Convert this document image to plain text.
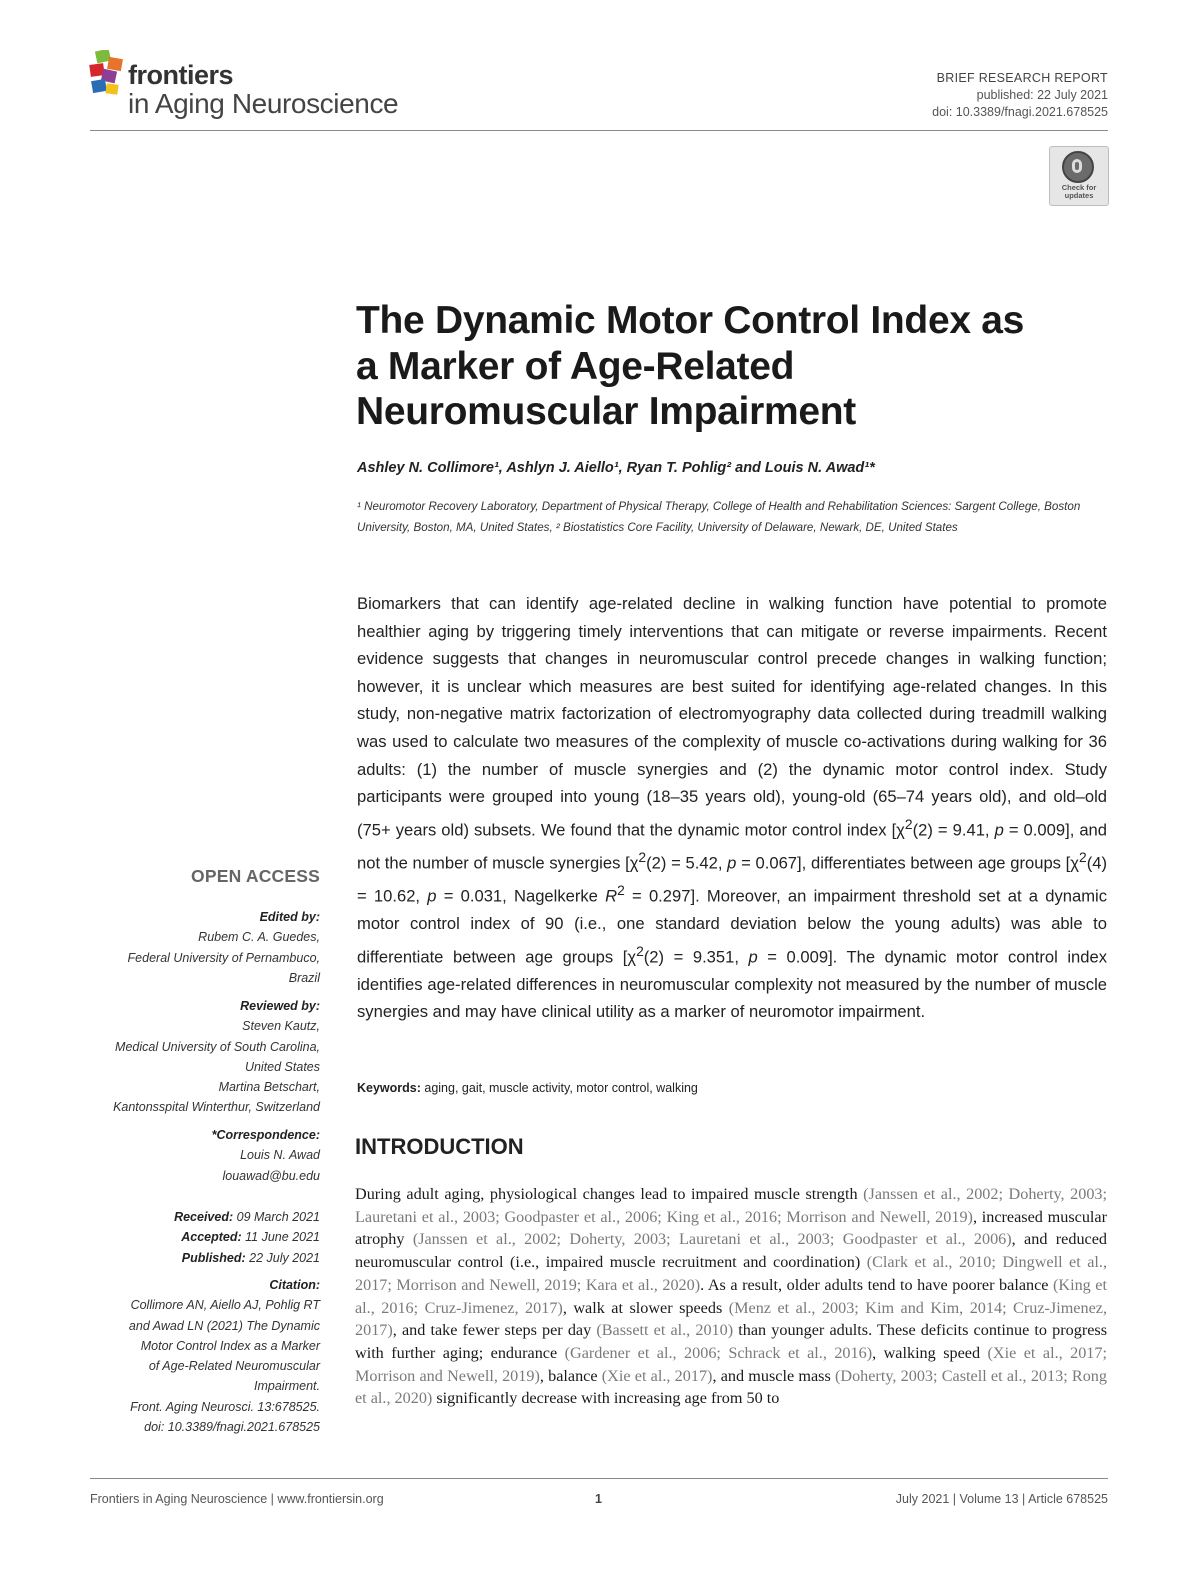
frontiers
in Aging Neuroscience
BRIEF RESEARCH REPORT
published: 22 July 2021
doi: 10.3389/fnagi.2021.678525
Check for updates
The Dynamic Motor Control Index as
a Marker of Age-Related
Neuromuscular Impairment
Ashley N. Collimore¹, Ashlyn J. Aiello¹, Ryan T. Pohlig² and Louis N. Awad¹*
¹ Neuromotor Recovery Laboratory, Department of Physical Therapy, College of Health and Rehabilitation Sciences: Sargent College, Boston University, Boston, MA, United States, ² Biostatistics Core Facility, University of Delaware, Newark, DE, United States

Biomarkers that can identify age-related decline in walking function have potential to promote healthier aging by triggering timely interventions that can mitigate or reverse impairments. Recent evidence suggests that changes in neuromuscular control precede changes in walking function; however, it is unclear which measures are best suited for identifying age-related changes. In this study, non-negative matrix factorization of electromyography data collected during treadmill walking was used to calculate two measures of the complexity of muscle co-activations during walking for 36 adults: (1) the number of muscle synergies and (2) the dynamic motor control index. Study participants were grouped into young (18–35 years old), young-old (65–74 years old), and old–old (75+ years old) subsets. We found that the dynamic motor control index [$\chi^2(2) = 9.41$, p = 0.009], and not the number of muscle synergies [$\chi^2(2) = 5.42$, p = 0.067], differentiates between age groups [$\chi^2(4) = 10.62$, p = 0.031, Nagelkerke $R^2 = 0.297$]. Moreover, an impairment threshold set at a dynamic motor control index of 90 (i.e., one standard deviation below the young adults) was able to differentiate between age groups [$\chi^2(2) = 9.351$, p = 0.009]. The dynamic motor control index identifies age-related differences in neuromuscular complexity not measured by the number of muscle synergies and may have clinical utility as a marker of neuromotor impairment.

Keywords: aging, gait, muscle activity, motor control, walking
INTRODUCTION

During adult aging, physiological changes lead to impaired muscle strength (Janssen et al., 2002; Doherty, 2003; Lauretani et al., 2003; Goodpaster et al., 2006; King et al., 2016; Morrison and Newell, 2019), increased muscular atrophy (Janssen et al., 2002; Doherty, 2003; Lauretani et al., 2003; Goodpaster et al., 2006), and reduced neuromuscular control (i.e., impaired muscle recruitment and coordination) (Clark et al., 2010; Dingwell et al., 2017; Morrison and Newell, 2019; Kara et al., 2020). As a result, older adults tend to have poorer balance (King et al., 2016; Cruz-Jimenez, 2017), walk at slower speeds (Menz et al., 2003; Kim and Kim, 2014; Cruz-Jimenez, 2017), and take fewer steps per day (Bassett et al., 2010) than younger adults. These deficits continue to progress with further aging; endurance (Gardener et al., 2006; Schrack et al., 2016), walking speed (Xie et al., 2017; Morrison and Newell, 2019), balance (Xie et al., 2017), and muscle mass (Doherty, 2003; Castell et al., 2013; Rong et al., 2020) significantly decrease with increasing age from 50 to

OPEN ACCESS
Edited by:
Rubem C. A. Guedes,
Federal University of Pernambuco,
Brazil
Reviewed by:
Steven Kautz,
Medical University of South Carolina,
United States
Martina Betschart,
Kantonsspital Winterthur, Switzerland
*Correspondence:
Louis N. Awad
louawad@bu.edu
Received: 09 March 2021
Accepted: 11 June 2021
Published: 22 July 2021
Citation:
Collimore AN, Aiello AJ, Pohlig RT
and Awad LN (2021) The Dynamic
Motor Control Index as a Marker
of Age-Related Neuromuscular
Impairment.
Front. Aging Neurosci. 13:678525.
doi: 10.3389/fnagi.2021.678525
Frontiers in Aging Neuroscience | www.frontiersin.org	1	July 2021 | Volume 13 | Article 678525
